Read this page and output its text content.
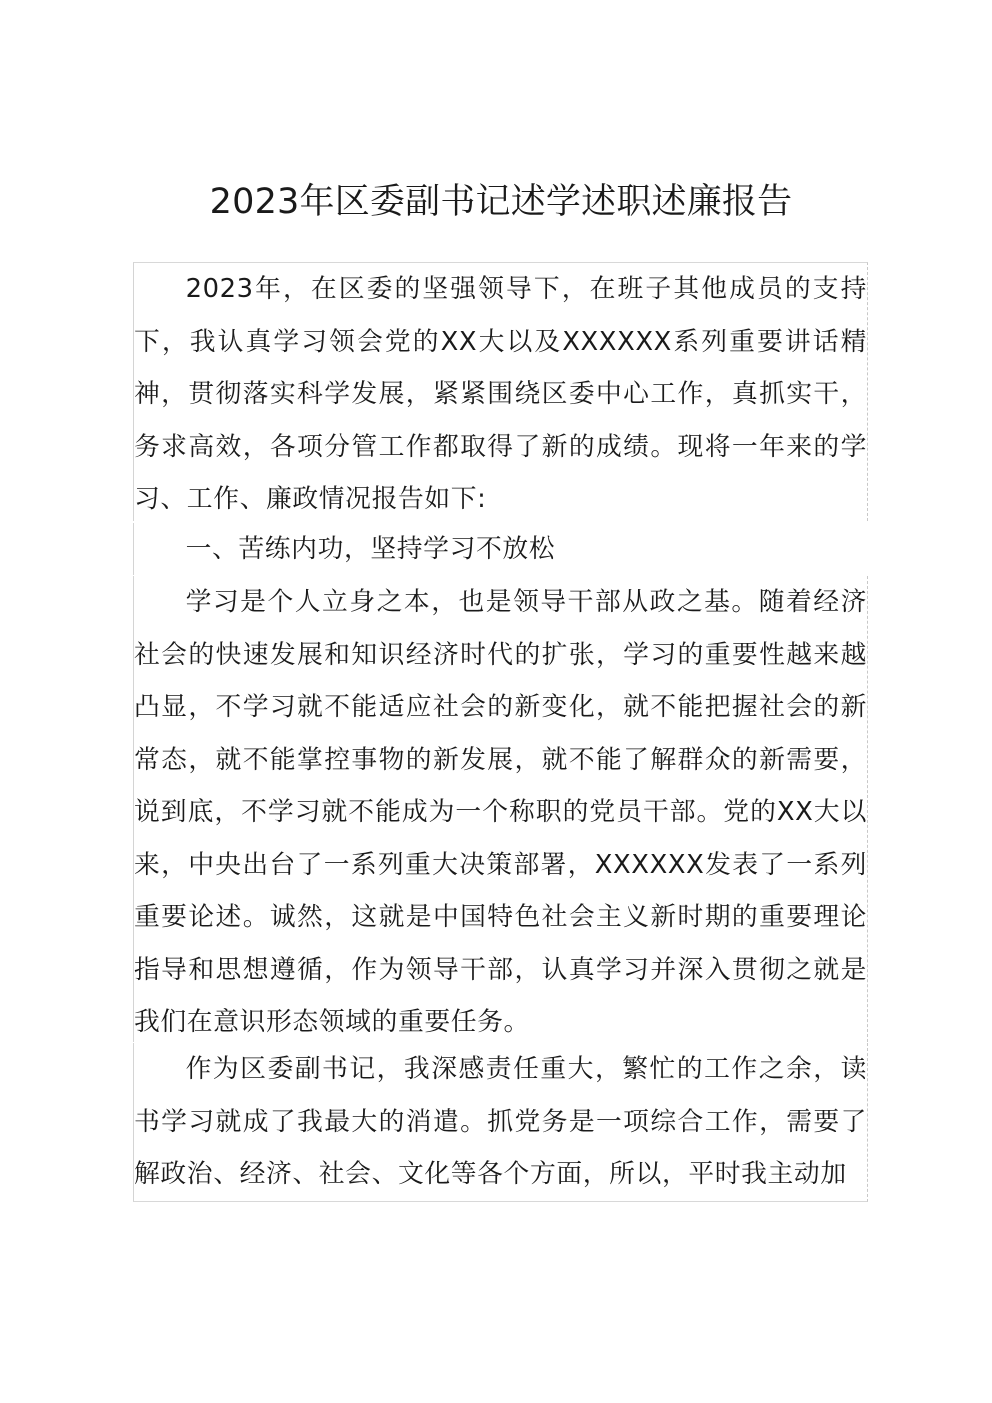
2023年区委副书记述学述职述廉报告

2023年，在区委的坚强领导下，在班子其他成员的支持下，我认真学习领会党的XX大以及XXXXXX系列重要讲话精神，贯彻落实科学发展，紧紧围绕区委中心工作，真抓实干，务求高效，各项分管工作都取得了新的成绩。现将一年来的学习、工作、廉政情况报告如下:

一、苦练内功，坚持学习不放松

学习是个人立身之本，也是领导干部从政之基。随着经济社会的快速发展和知识经济时代的扩张，学习的重要性越来越凸显，不学习就不能适应社会的新变化，就不能把握社会的新常态，就不能掌控事物的新发展，就不能了解群众的新需要，说到底，不学习就不能成为一个称职的党员干部。党的XX大以来，中央出台了一系列重大决策部署，XXXXXX发表了一系列重要论述。诚然，这就是中国特色社会主义新时期的重要理论指导和思想遵循，作为领导干部，认真学习并深入贯彻之就是我们在意识形态领域的重要任务。

作为区委副书记，我深感责任重大，繁忙的工作之余，读书学习就成了我最大的消遣。抓党务是一项综合工作，需要了解政治、经济、社会、文化等各个方面，所以，平时我主动加
